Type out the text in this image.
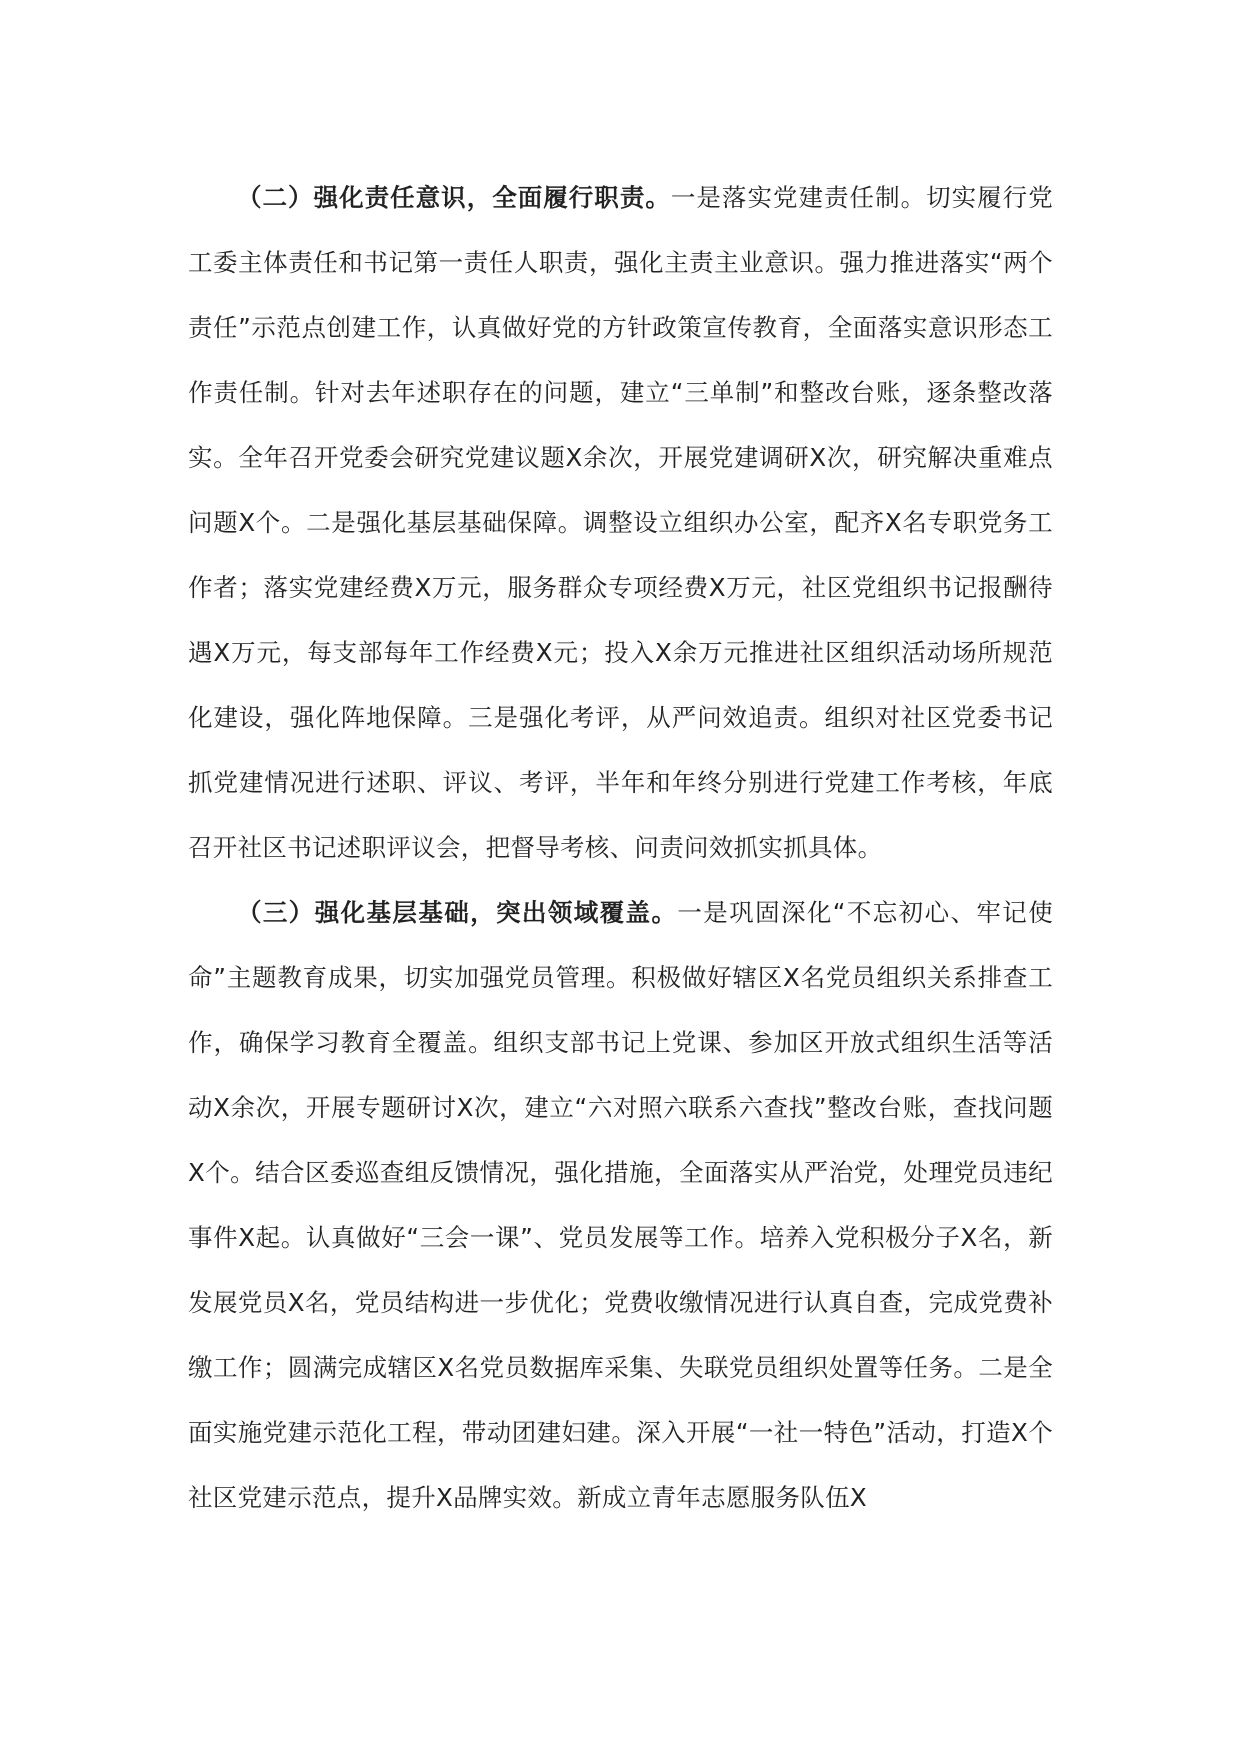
（二）强化责任意识，全面履行职责。一是落实党建责任制。切实履行党工委主体责任和书记第一责任人职责，强化主责主业意识。强力推进落实“两个责任”示范点创建工作，认真做好党的方针政策宣传教育，全面落实意识形态工作责任制。针对去年述职存在的问题，建立“三单制”和整改台账，逐条整改落实。全年召开党委会研究党建议题X余次，开展党建调研X次，研究解决重难点问题X个。二是强化基层基础保障。调整设立组织办公室，配齐X名专职党务工作者；落实党建经费X万元，服务群众专项经费X万元，社区党组织书记报酬待遇X万元，每支部每年工作经费X元；投入X余万元推进社区组织活动场所规范化建设，强化阵地保障。三是强化考评，从严问效追责。组织对社区党委书记抓党建情况进行述职、评议、考评，半年和年终分别进行党建工作考核，年底召开社区书记述职评议会，把督导考核、问责问效抓实抓具体。

（三）强化基层基础，突出领域覆盖。一是巩固深化“不忘初心、牢记使命”主题教育成果，切实加强党员管理。积极做好辖区X名党员组织关系排查工作，确保学习教育全覆盖。组织支部书记上党课、参加区开放式组织生活等活动X余次，开展专题研讨X次，建立“六对照六联系六查找”整改台账，查找问题X个。结合区委巡查组反馈情况，强化措施，全面落实从严治党，处理党员违纪事件X起。认真做好“三会一课”、党员发展等工作。培养入党积极分子X名，新发展党员X名，党员结构进一步优化；党费收缴情况进行认真自查，完成党费补缴工作；圆满完成辖区X名党员数据库采集、失联党员组织处置等任务。二是全面实施党建示范化工程，带动团建妇建。深入开展“一社一特色”活动，打造X个社区党建示范点，提升X品牌实效。新成立青年志愿服务队伍X
